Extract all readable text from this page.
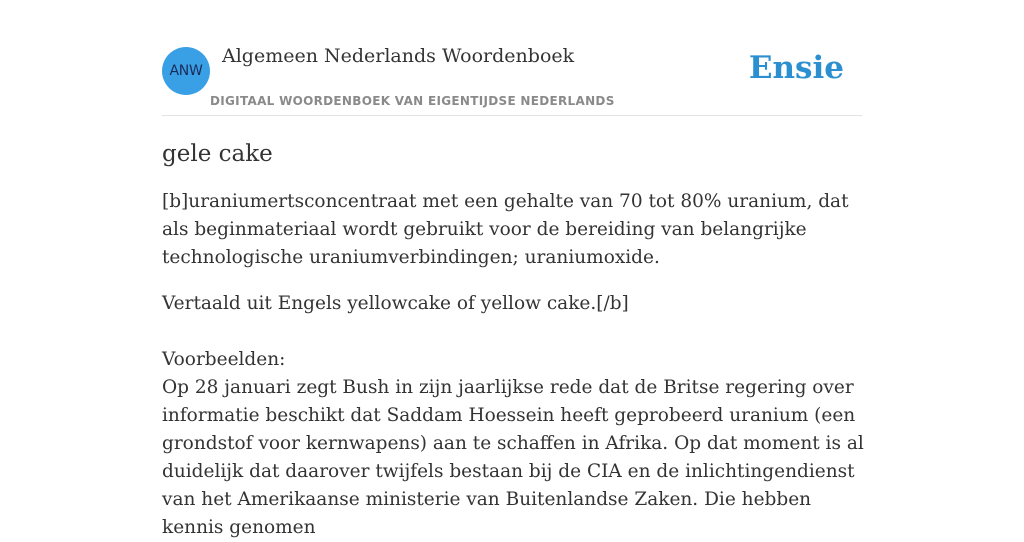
ANW
Algemeen Nederlands Woordenboek
DIGITAAL WOORDENBOEK VAN EIGENTIJDSE NEDERLANDS
Ensie
gele cake

[b]uraniumertsconcentraat met een gehalte van 70 tot 80% uranium, dat als beginmateriaal wordt gebruikt voor de bereiding van belangrijke technologische uraniumverbindingen; uraniumoxide.

Vertaald uit Engels yellowcake of yellow cake.[/b]

Voorbeelden:
Op 28 januari zegt Bush in zijn jaarlijkse rede dat de Britse regering over informatie beschikt dat Saddam Hoessein heeft geprobeerd uranium (een grondstof voor kernwapens) aan te schaffen in Afrika. Op dat moment is al duidelijk dat daarover twijfels bestaan bij de CIA en de inlichtingendienst van het Amerikaanse ministerie van Buitenlandse Zaken. Die hebben kennis genomen
